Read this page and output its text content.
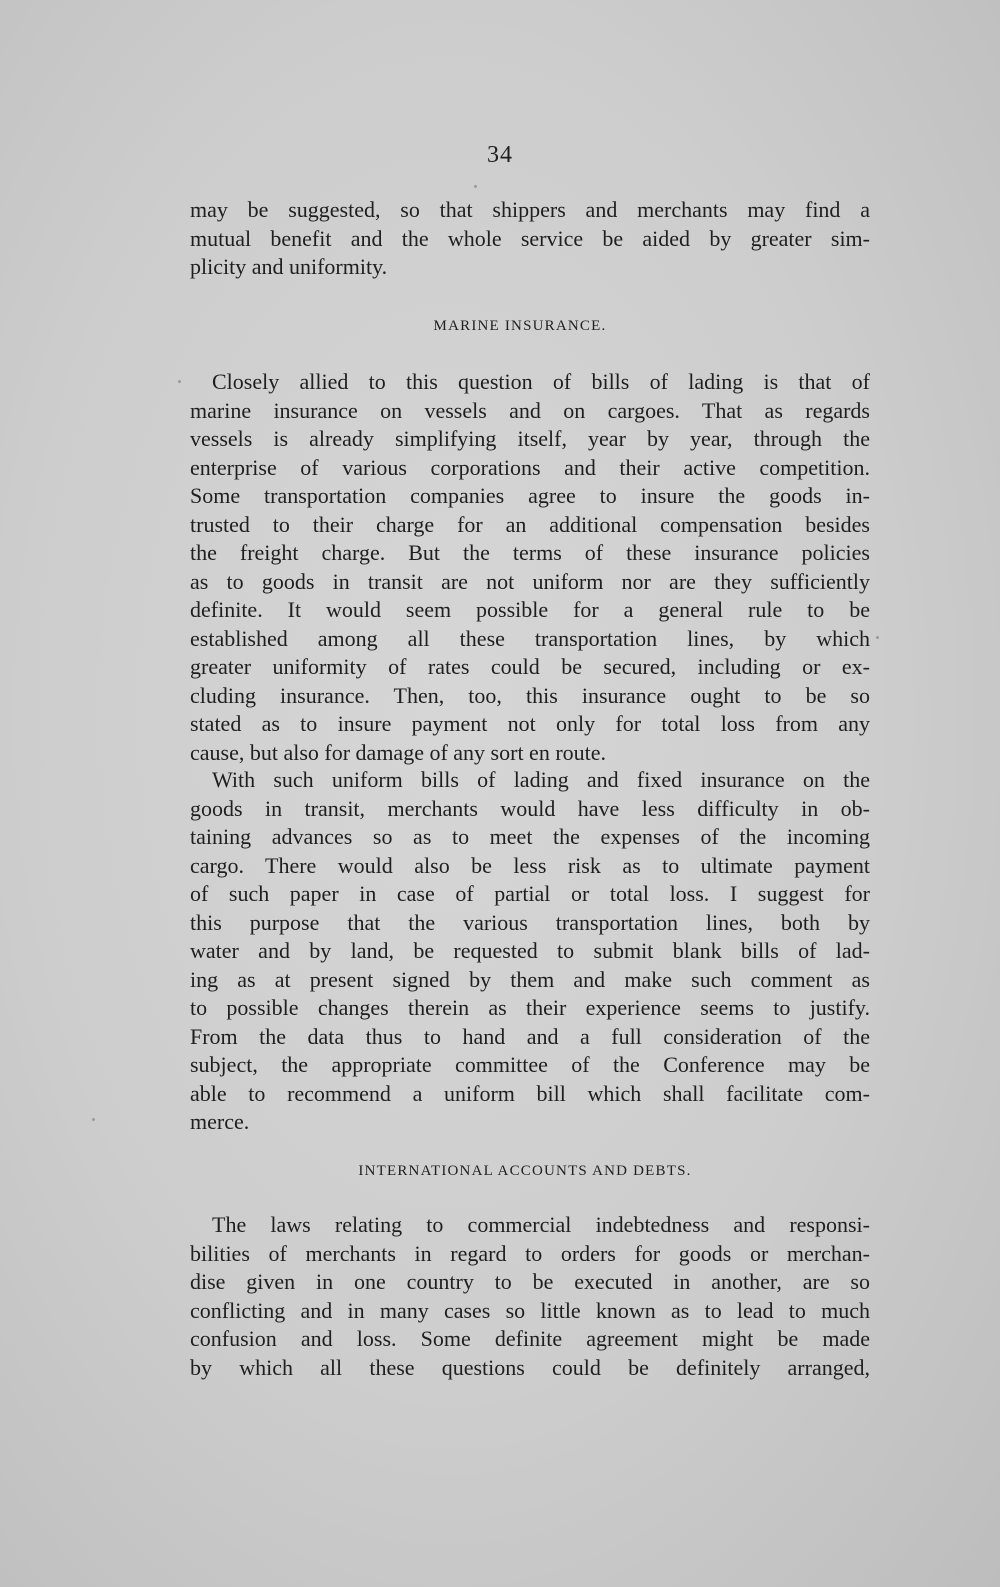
34
may be suggested, so that shippers and merchants may find a
mutual benefit and the whole service be aided by greater sim-
plicity and uniformity.
MARINE INSURANCE.
Closely allied to this question of bills of lading is that of
marine insurance on vessels and on cargoes. That as regards
vessels is already simplifying itself, year by year, through the
enterprise of various corporations and their active competition.
Some transportation companies agree to insure the goods in-
trusted to their charge for an additional compensation besides
the freight charge. But the terms of these insurance policies
as to goods in transit are not uniform nor are they sufficiently
definite. It would seem possible for a general rule to be
established among all these transportation lines, by which
greater uniformity of rates could be secured, including or ex-
cluding insurance. Then, too, this insurance ought to be so
stated as to insure payment not only for total loss from any
cause, but also for damage of any sort en route.
With such uniform bills of lading and fixed insurance on the
goods in transit, merchants would have less difficulty in ob-
taining advances so as to meet the expenses of the incoming
cargo. There would also be less risk as to ultimate payment
of such paper in case of partial or total loss. I suggest for
this purpose that the various transportation lines, both by
water and by land, be requested to submit blank bills of lad-
ing as at present signed by them and make such comment as
to possible changes therein as their experience seems to justify.
From the data thus to hand and a full consideration of the
subject, the appropriate committee of the Conference may be
able to recommend a uniform bill which shall facilitate com-
merce.
INTERNATIONAL ACCOUNTS AND DEBTS.
The laws relating to commercial indebtedness and responsi-
bilities of merchants in regard to orders for goods or merchan-
dise given in one country to be executed in another, are so
conflicting and in many cases so little known as to lead to much
confusion and loss. Some definite agreement might be made
by which all these questions could be definitely arranged,
